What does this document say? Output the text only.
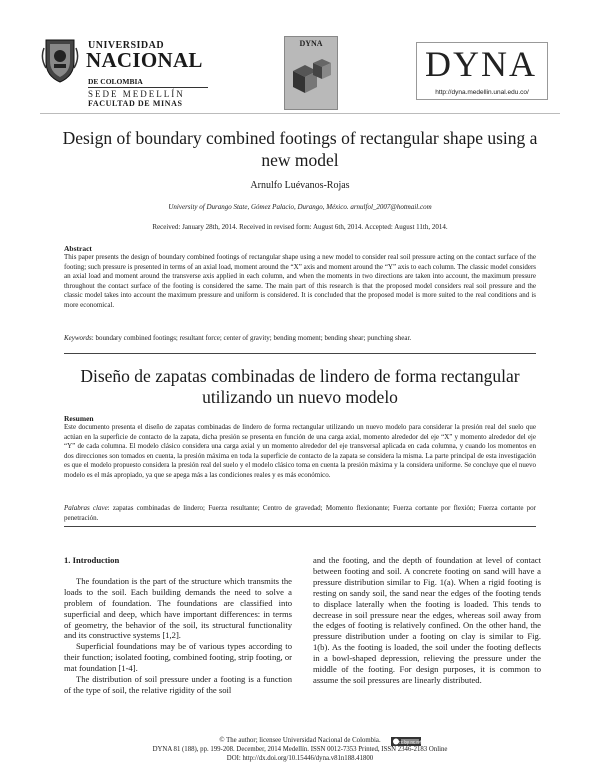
UNIVERSIDAD
NACIONAL
DE COLOMBIA
SEDE MEDELLÍN
FACULTAD DE MINAS
DYNA
DYNA
http://dyna.medellin.unal.edu.co/
Design of boundary combined footings of rectangular shape using a new model
Arnulfo Luévanos-Rojas
University of Durango State, Gómez Palacio, Durango, México. arnulfol_2007@hotmail.com
Received: January 28th, 2014. Received in revised form: August 6th, 2014. Accepted: August 11th, 2014.
Abstract
This paper presents the design of boundary combined footings of rectangular shape using a new model to consider real soil pressure acting on the contact surface of the footing; such pressure is presented in terms of an axial load, moment around the “X” axis and moment around the “Y” axis to each column. The classic model considers an axial load and moment around the transverse axis applied in each column, and when the moments in two directions are taken into account, the maximum pressure throughout the contact surface of the footing is considered the same. The main part of this research is that the proposed model considers real soil pressure and the classic model takes into account the maximum pressure and uniform is considered. It is concluded that the proposed model is more suited to the real conditions and is more economical.
Keywords: boundary combined footings; resultant force; center of gravity; bending moment; bending shear; punching shear.
Diseño de zapatas combinadas de lindero de forma rectangular utilizando un nuevo modelo
Resumen
Este documento presenta el diseño de zapatas combinadas de lindero de forma rectangular utilizando un nuevo modelo para considerar la presión real del suelo que actúan en la superficie de contacto de la zapata, dicha presión se presenta en función de una carga axial, momento alrededor del eje “X” y momento alrededor del eje “Y” de cada columna. El modelo clásico considera una carga axial y un momento alrededor del eje transversal aplicada en cada columna, y cuando los momentos en dos direcciones son tomados en cuenta, la presión máxima en toda la superficie de contacto de la zapata se considera la misma. La parte principal de esta investigación es que el modelo propuesto considera la presión real del suelo y el modelo clásico toma en cuenta la presión máxima y la considera uniforme. Se concluye que el nuevo modelo es el más apropiado, ya que se apega más a las condiciones reales y es más económico.
Palabras clave: zapatas combinadas de lindero; Fuerza resultante; Centro de gravedad; Momento flexionante; Fuerza cortante por flexión; Fuerza cortante por penetración.
1. Introduction

The foundation is the part of the structure which transmits the loads to the soil. Each building demands the need to solve a problem of foundation. The foundations are classified into superficial and deep, which have important differences: in terms of geometry, the behavior of the soil, its structural functionality and its constructive systems [1,2].

Superficial foundations may be of various types according to their function; isolated footing, combined footing, strip footing, or mat foundation [1-4].

The distribution of soil pressure under a footing is a function of the type of soil, the relative rigidity of the soil

and the footing, and the depth of foundation at level of contact between footing and soil. A concrete footing on sand will have a pressure distribution similar to Fig. 1(a). When a rigid footing is resting on sandy soil, the sand near the edges of the footing tends to displace laterally when the footing is loaded. This tends to decrease in soil pressure near the edges, whereas soil away from the edges of footing is relatively confined. On the other hand, the pressure distribution under a footing on clay is similar to Fig. 1(b). As the footing is loaded, the soil under the footing deflects in a bowl-shaped depression, relieving the pressure under the middle of the footing. For design purposes, it is common to assume the soil pressures are linearly distributed.
© The author; licensee Universidad Nacional de Colombia.	cc by nc nd
DYNA 81 (188), pp. 199-208. December, 2014 Medellín. ISSN 0012-7353 Printed, ISSN 2346-2183 Online
DOI: http://dx.doi.org/10.15446/dyna.v81n188.41800
